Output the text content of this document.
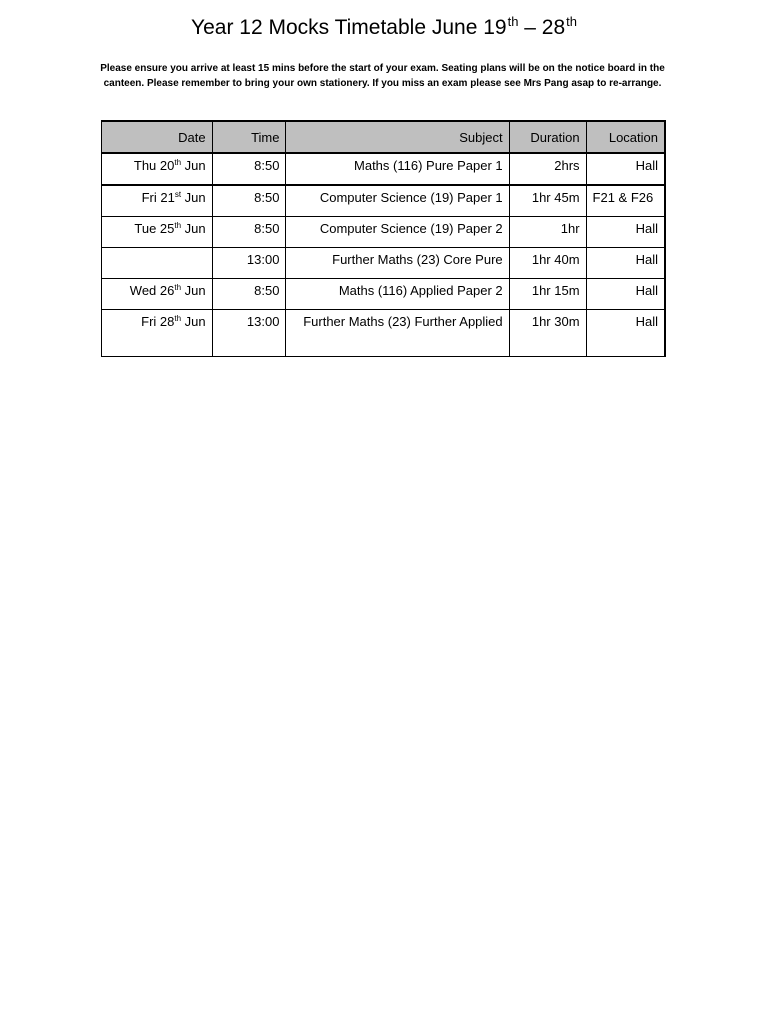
Year 12 Mocks Timetable June 19th – 28th

Please ensure you arrive at least 15 mins before the start of your exam. Seating plans will be on the notice board in the canteen. Please remember to bring your own stationery. If you miss an exam please see Mrs Pang asap to re-arrange.

Date	Time	Subject	Duration	Location
Thu 20th Jun	8:50	Maths (116) Pure Paper 1	2hrs	Hall
Fri 21st Jun	8:50	Computer Science (19) Paper 1	1hr 45m	F21 & F26
Tue 25th Jun	8:50	Computer Science (19) Paper 2	1hr	Hall
	13:00	Further Maths (23) Core Pure	1hr 40m	Hall
Wed 26th Jun	8:50	Maths (116) Applied Paper 2	1hr 15m	Hall
Fri 28th Jun	13:00	Further Maths (23) Further Applied	1hr 30m	Hall
